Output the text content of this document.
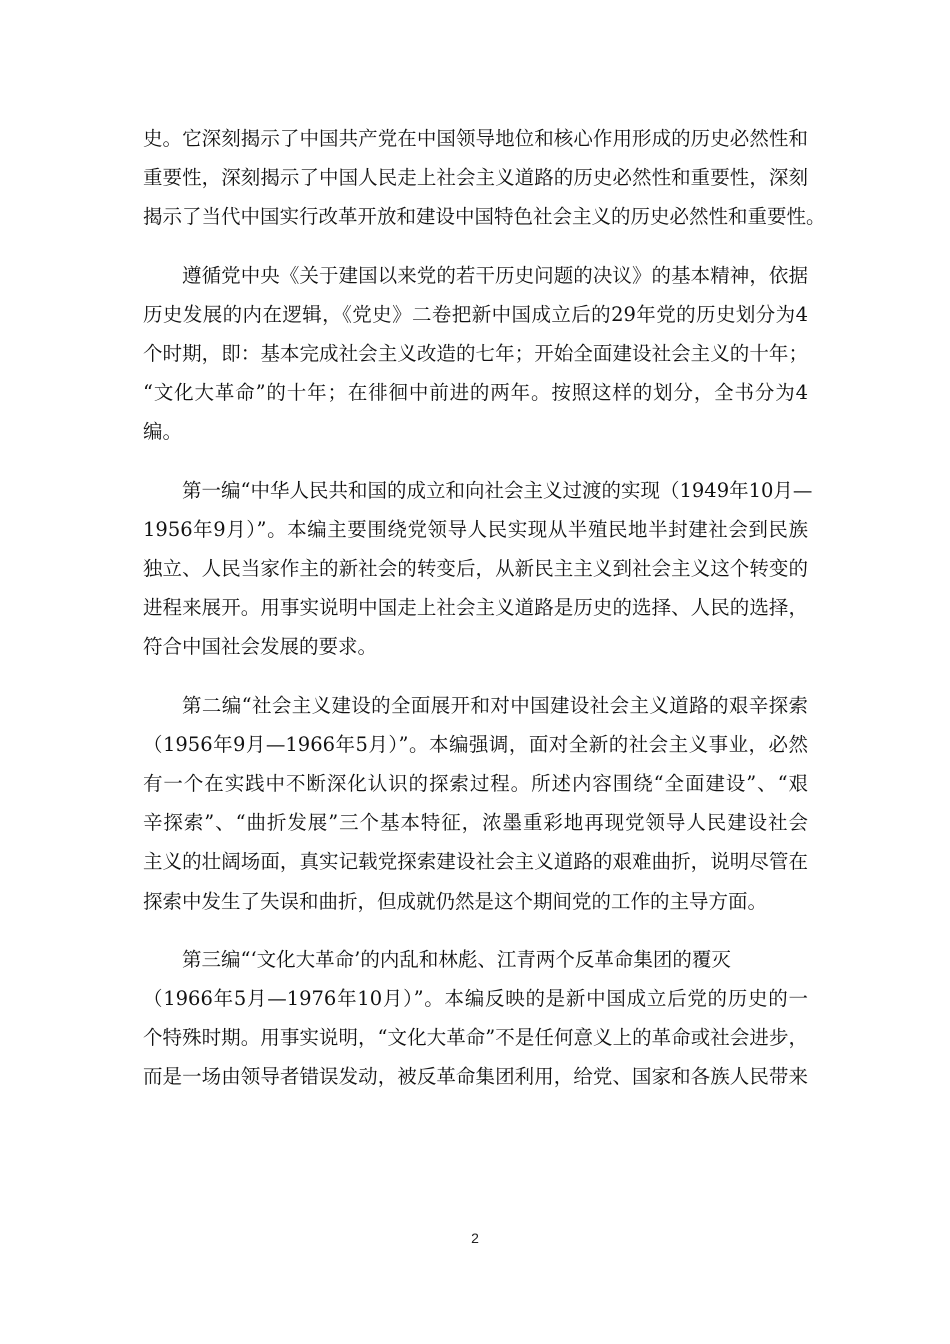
史。它深刻揭示了中国共产党在中国领导地位和核心作用形成的历史必然性和
重要性，深刻揭示了中国人民走上社会主义道路的历史必然性和重要性，深刻
揭示了当代中国实行改革开放和建设中国特色社会主义的历史必然性和重要性。

遵循党中央《关于建国以来党的若干历史问题的决议》的基本精神，依据
历史发展的内在逻辑，《党史》二卷把新中国成立后的29年党的历史划分为4
个时期，即：基本完成社会主义改造的七年；开始全面建设社会主义的十年；
“文化大革命”的十年；在徘徊中前进的两年。按照这样的划分，全书分为4
编。

第一编“中华人民共和国的成立和向社会主义过渡的实现（1949年10月—
1956年9月）”。本编主要围绕党领导人民实现从半殖民地半封建社会到民族
独立、人民当家作主的新社会的转变后，从新民主主义到社会主义这个转变的
进程来展开。用事实说明中国走上社会主义道路是历史的选择、人民的选择，
符合中国社会发展的要求。

第二编“社会主义建设的全面展开和对中国建设社会主义道路的艰辛探索
（1956年9月—1966年5月）”。本编强调，面对全新的社会主义事业，必然
有一个在实践中不断深化认识的探索过程。所述内容围绕“全面建设”、“艰
辛探索”、“曲折发展”三个基本特征，浓墨重彩地再现党领导人民建设社会
主义的壮阔场面，真实记载党探索建设社会主义道路的艰难曲折，说明尽管在
探索中发生了失误和曲折，但成就仍然是这个期间党的工作的主导方面。

第三编“‘文化大革命’的内乱和林彪、江青两个反革命集团的覆灭
（1966年5月—1976年10月）”。本编反映的是新中国成立后党的历史的一
个特殊时期。用事实说明，“文化大革命”不是任何意义上的革命或社会进步，
而是一场由领导者错误发动，被反革命集团利用，给党、国家和各族人民带来

2
